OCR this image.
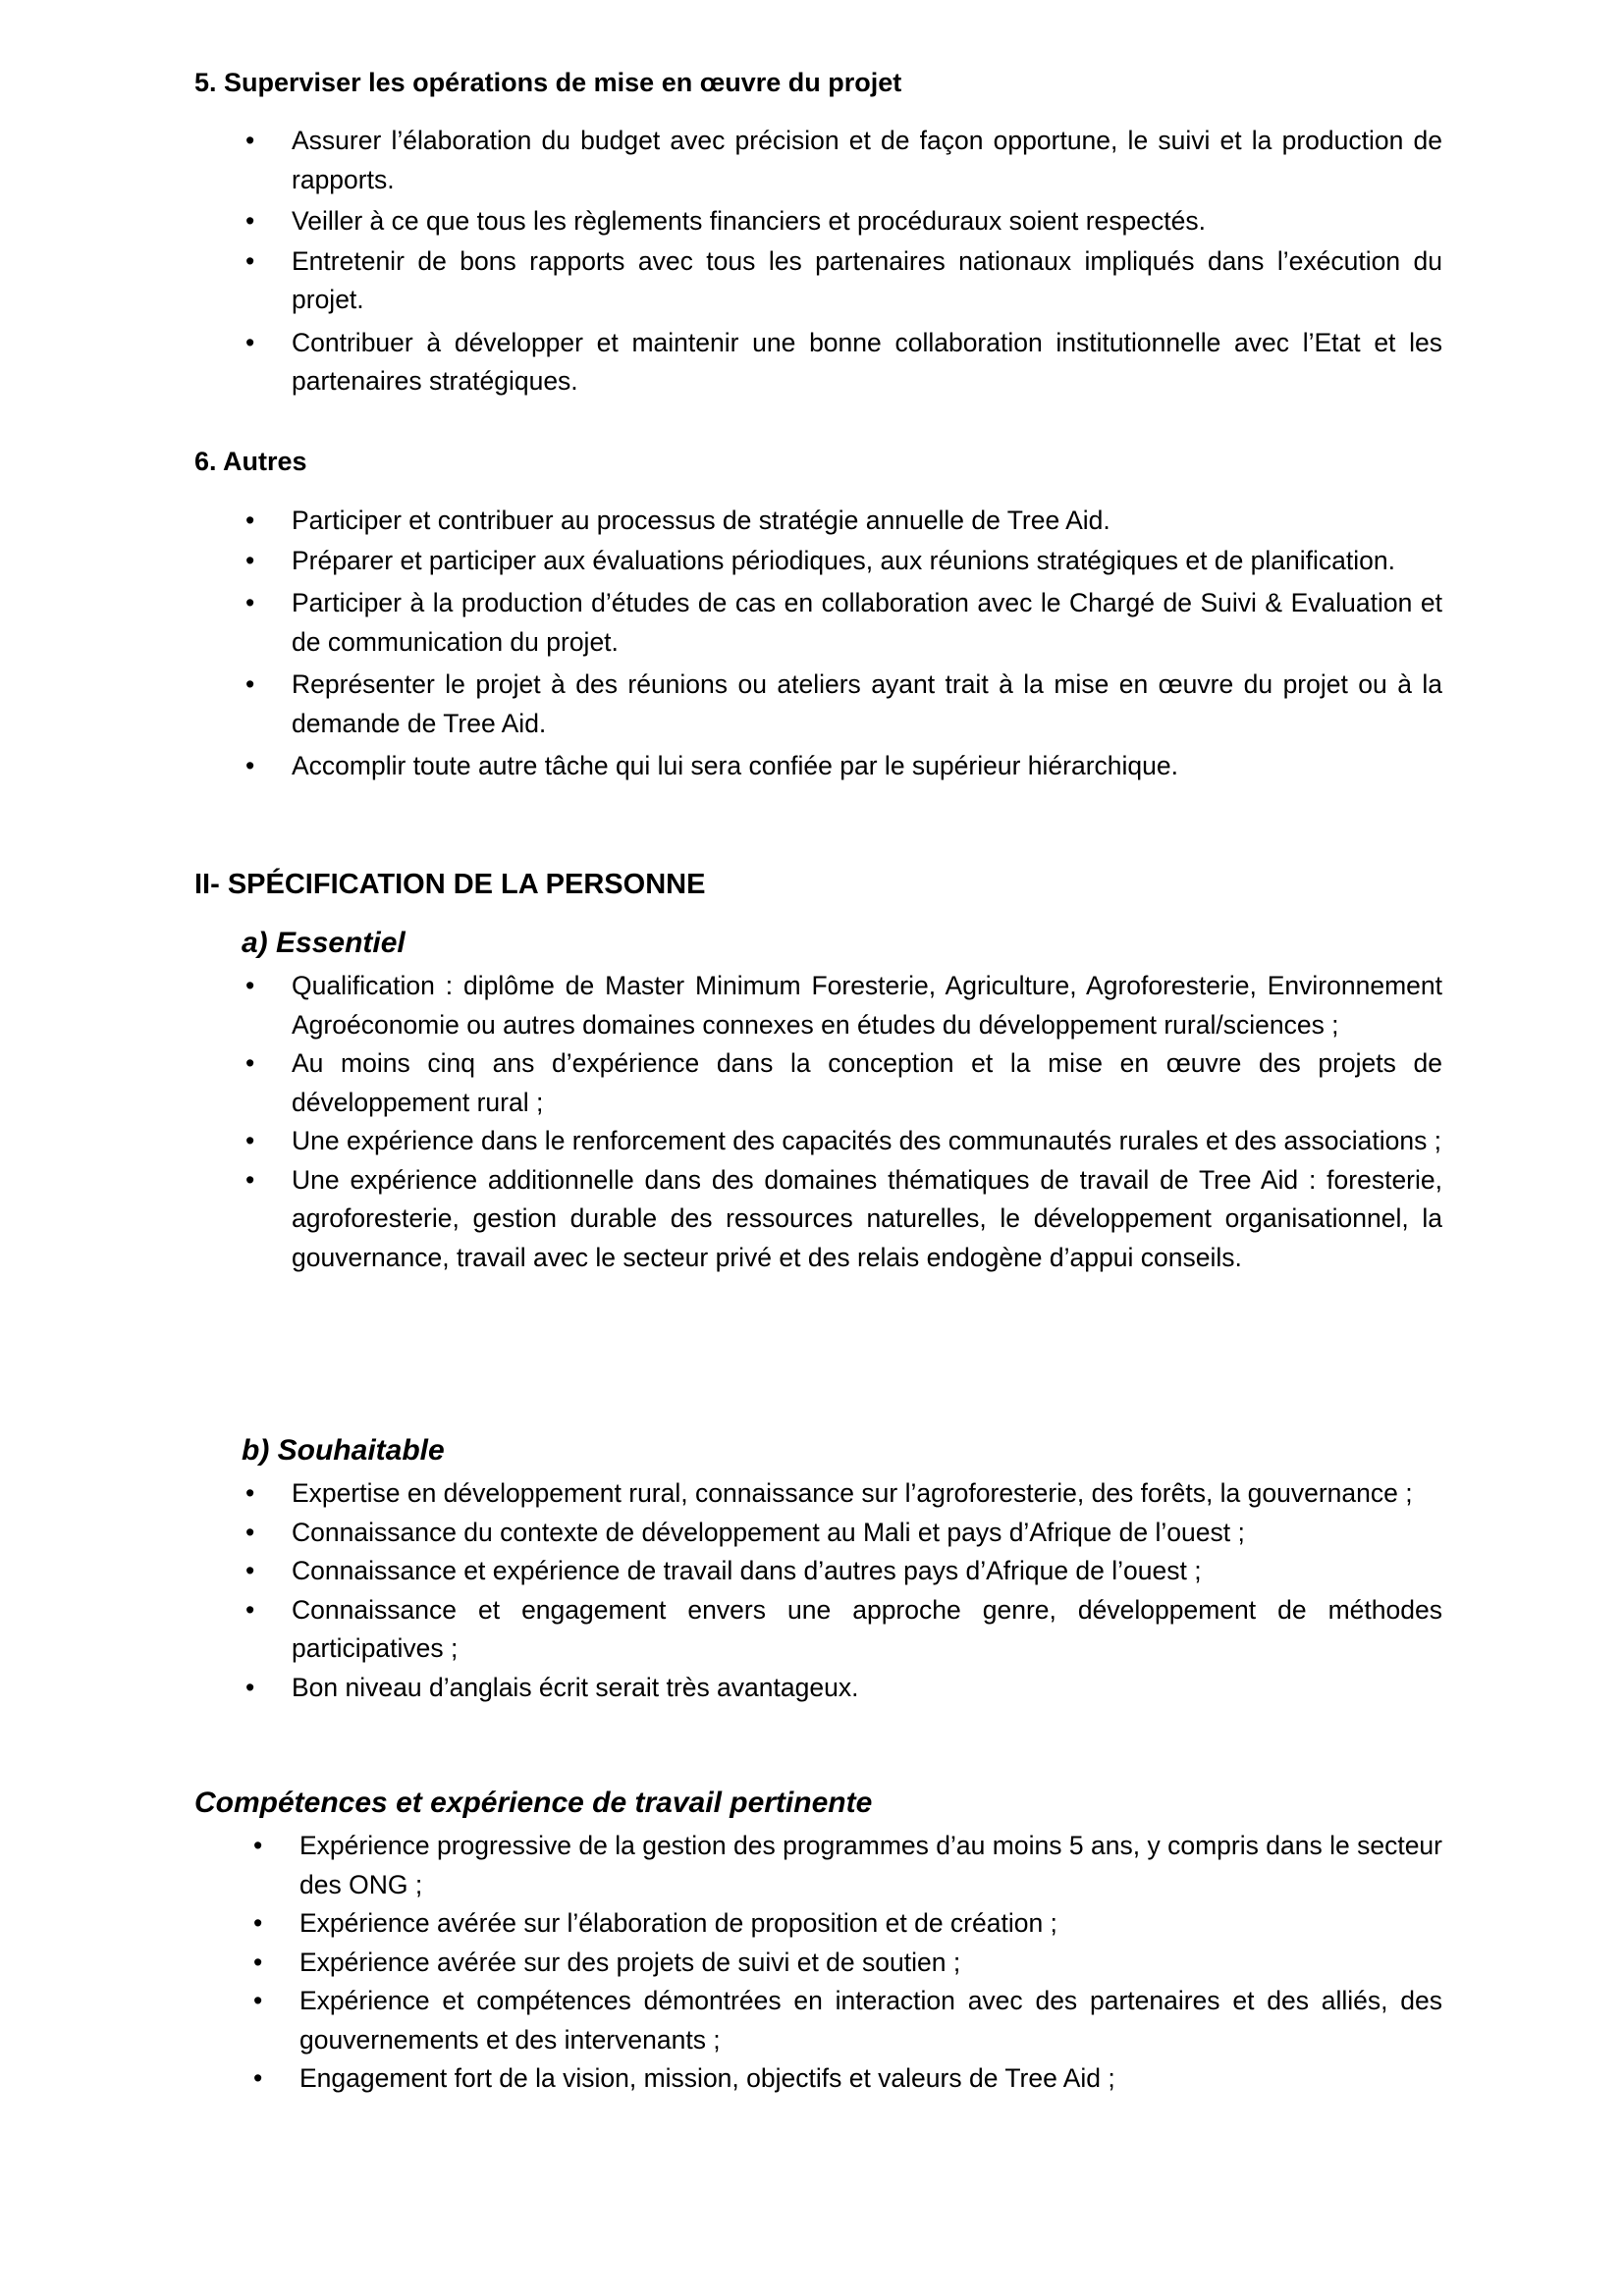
5. Superviser les opérations de mise en œuvre du projet
• Assurer l’élaboration du budget avec précision et de façon opportune, le suivi et la production de rapports.
• Veiller à ce que tous les règlements financiers et procéduraux soient respectés.
• Entretenir de bons rapports avec tous les partenaires nationaux impliqués dans l’exécution du projet.
• Contribuer à développer et maintenir une bonne collaboration institutionnelle avec l’Etat et les partenaires stratégiques.
6. Autres
• Participer et contribuer au processus de stratégie annuelle de Tree Aid.
• Préparer et participer aux évaluations périodiques, aux réunions stratégiques et de planification.
• Participer à la production d’études de cas en collaboration avec le Chargé de Suivi & Evaluation et de communication du projet.
• Représenter le projet à des réunions ou ateliers ayant trait à la mise en œuvre du projet ou à la demande de Tree Aid.
• Accomplir toute autre tâche qui lui sera confiée par le supérieur hiérarchique.
II- SPÉCIFICATION DE LA PERSONNE
a) Essentiel
• Qualification : diplôme de Master Minimum Foresterie, Agriculture, Agroforesterie, Environnement Agroéconomie ou autres domaines connexes en études du développement rural/sciences ;
• Au moins cinq ans d’expérience dans la conception et la mise en œuvre des projets de développement rural ;
• Une expérience dans le renforcement des capacités des communautés rurales et des associations ;
• Une expérience additionnelle dans des domaines thématiques de travail de Tree Aid : foresterie, agroforesterie, gestion durable des ressources naturelles, le développement organisationnel, la gouvernance, travail avec le secteur privé et des relais endogène d’appui conseils.
b) Souhaitable
• Expertise en développement rural, connaissance sur l’agroforesterie, des forêts, la gouvernance ;
• Connaissance du contexte de développement au Mali et pays d’Afrique de l’ouest ;
• Connaissance et expérience de travail dans d’autres pays d’Afrique de l’ouest ;
• Connaissance et engagement envers une approche genre, développement de méthodes participatives ;
• Bon niveau d’anglais écrit serait très avantageux.
Compétences et expérience de travail pertinente
• Expérience progressive de la gestion des programmes d’au moins 5 ans, y compris dans le secteur des ONG ;
• Expérience avérée sur l’élaboration de proposition et de création ;
• Expérience avérée sur des projets de suivi et de soutien ;
• Expérience et compétences démontrées en interaction avec des partenaires et des alliés, des gouvernements et des intervenants ;
• Engagement fort de la vision, mission, objectifs et valeurs de Tree Aid ;
